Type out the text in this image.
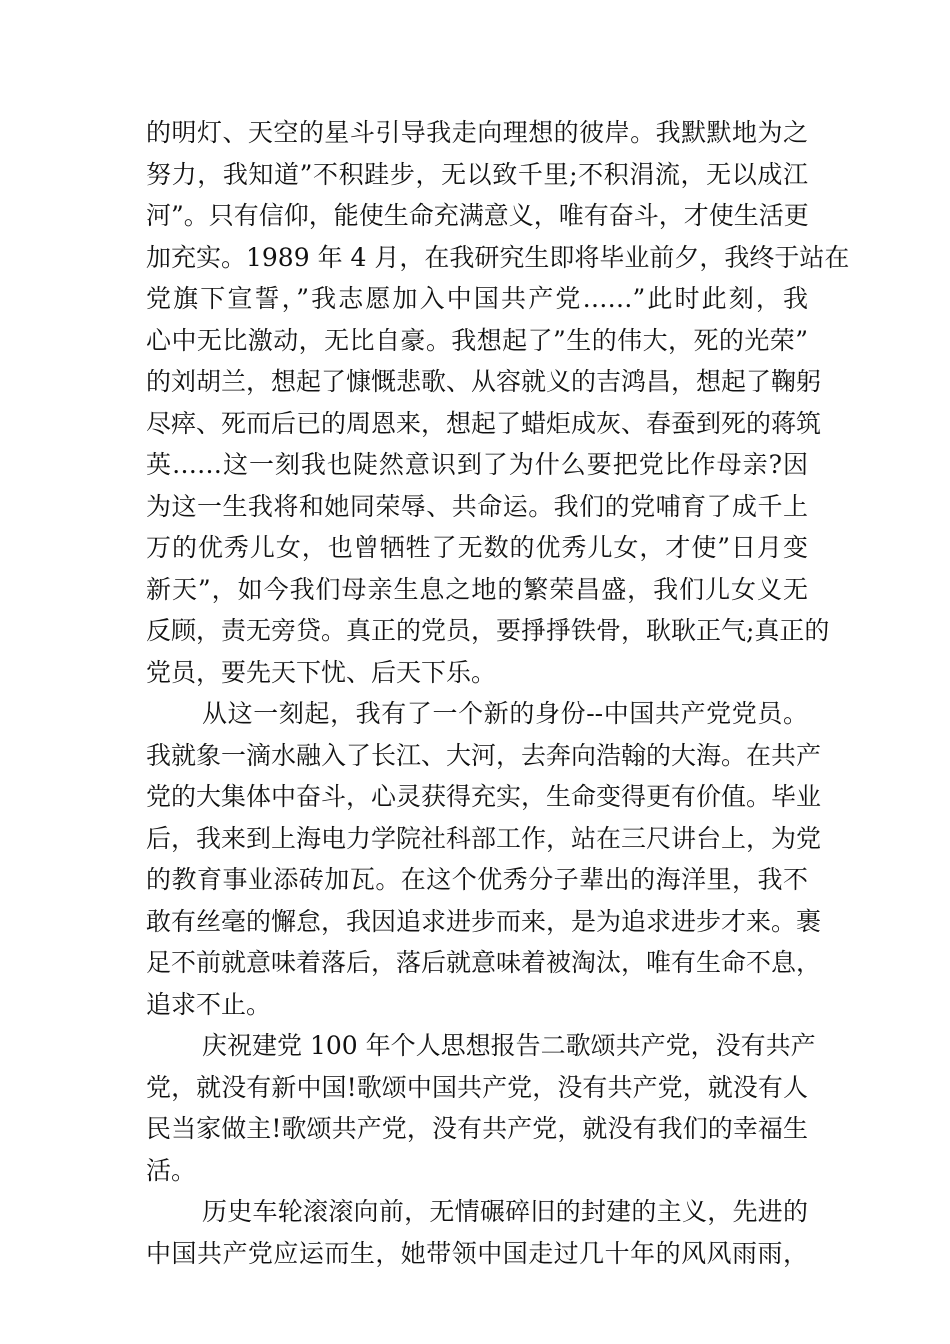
的明灯、天空的星斗引导我走向理想的彼岸。我默默地为之
努力，我知道”不积跬步，无以致千里;不积涓流，无以成江
河”。只有信仰，能使生命充满意义，唯有奋斗，才使生活更
加充实。1989 年 4 月，在我研究生即将毕业前夕，我终于站在
党旗下宣誓，”我志愿加入中国共产党……”此时此刻，我
心中无比激动，无比自豪。我想起了”生的伟大，死的光荣”
的刘胡兰，想起了慷慨悲歌、从容就义的吉鸿昌，想起了鞠躬
尽瘁、死而后已的周恩来，想起了蜡炬成灰、春蚕到死的蒋筑
英……这一刻我也陡然意识到了为什么要把党比作母亲?因
为这一生我将和她同荣辱、共命运。我们的党哺育了成千上
万的优秀儿女，也曾牺牲了无数的优秀儿女，才使”日月变
新天”，如今我们母亲生息之地的繁荣昌盛，我们儿女义无
反顾，责无旁贷。真正的党员，要掙掙铁骨，耿耿正气;真正的
党员，要先天下忧、后天下乐。
从这一刻起，我有了一个新的身份--中国共产党党员。
我就象一滴水融入了长江、大河，去奔向浩翰的大海。在共产
党的大集体中奋斗，心灵获得充实，生命变得更有价值。毕业
后，我来到上海电力学院社科部工作，站在三尺讲台上，为党
的教育事业添砖加瓦。在这个优秀分子辈出的海洋里，我不
敢有丝毫的懈怠，我因追求进步而来，是为追求进步才来。裹
足不前就意味着落后，落后就意味着被淘汰，唯有生命不息，
追求不止。
庆祝建党 100 年个人思想报告二歌颂共产党，没有共产
党，就没有新中国!歌颂中国共产党，没有共产党，就没有人
民当家做主!歌颂共产党，没有共产党，就没有我们的幸福生
活。
历史车轮滚滚向前，无情碾碎旧的封建的主义，先进的
中国共产党应运而生，她带领中国走过几十年的风风雨雨，
